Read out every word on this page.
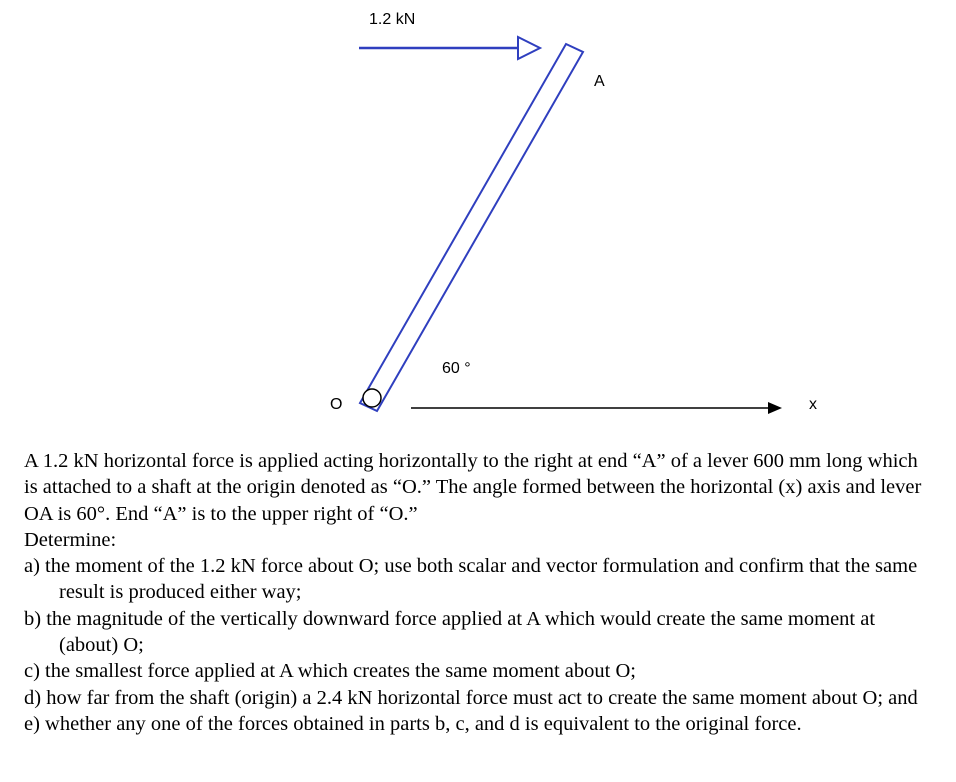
1.2 kN
A
O
60 °
x

A 1.2 kN horizontal force is applied acting horizontally to the right at end “A” of a lever 600 mm long which is attached to a shaft at the origin denoted as “O.” The angle formed between the horizontal (x) axis and lever OA is 60°. End “A” is to the upper right of “O.”

Determine:

a) the moment of the 1.2 kN force about O; use both scalar and vector formulation and confirm that the same result is produced either way;

b) the magnitude of the vertically downward force applied at A which would create the same moment at (about) O;

c) the smallest force applied at A which creates the same moment about O;

d) how far from the shaft (origin) a 2.4 kN horizontal force must act to create the same moment about O; and

e) whether any one of the forces obtained in parts b, c, and d is equivalent to the original force.
